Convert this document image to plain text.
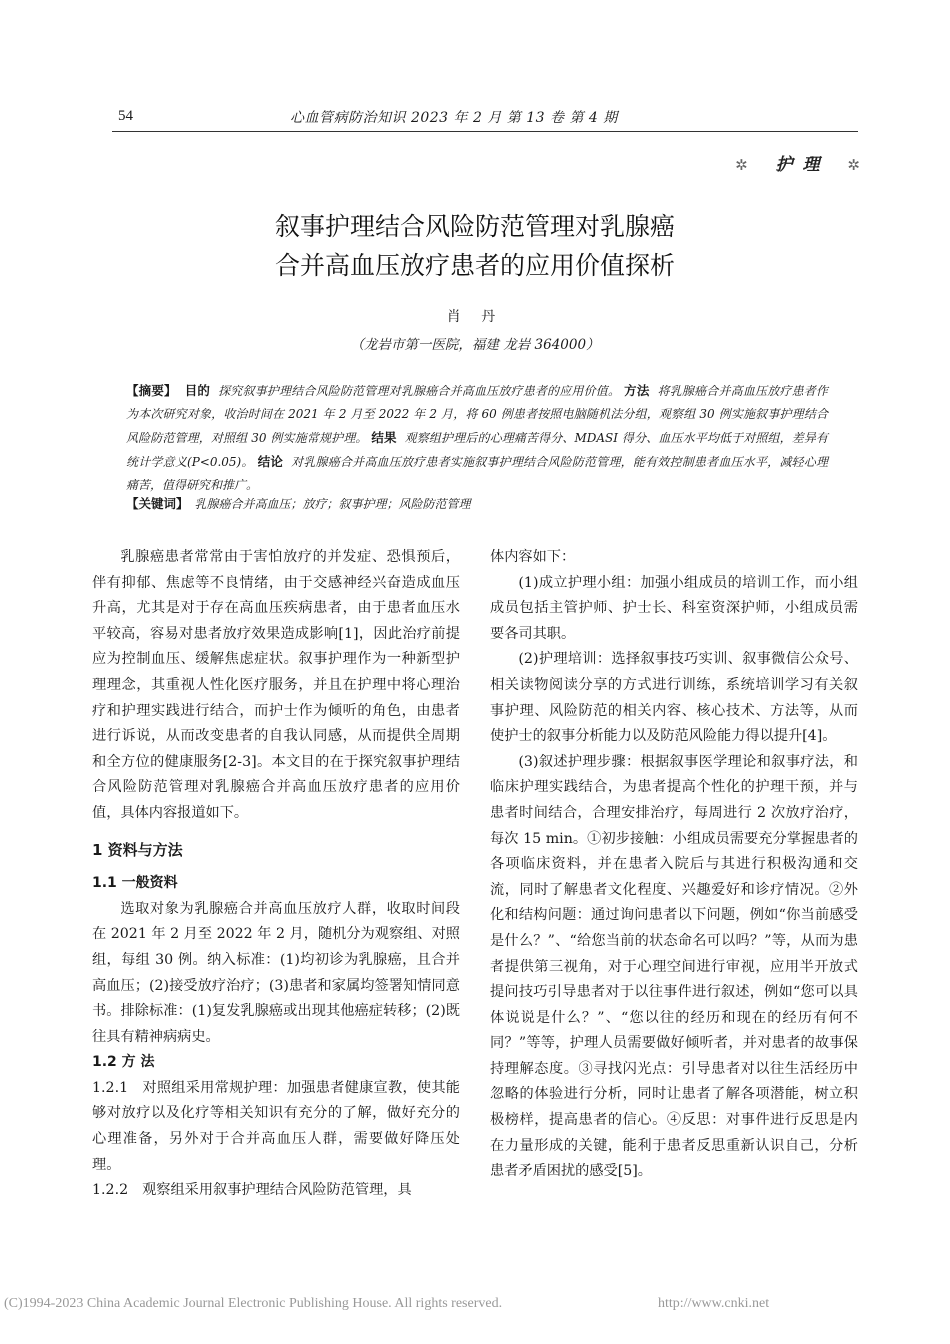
54	心血管病防治知识 2023 年 2 月 第 13 卷 第 4 期
✲ 护 理 ✲
叙事护理结合风险防范管理对乳腺癌
合并高血压放疗患者的应用价值探析
肖 丹
（龙岩市第一医院，福建 龙岩 364000）
【摘要】 目的 探究叙事护理结合风险防范管理对乳腺癌合并高血压放疗患者的应用价值。 方法 将乳腺癌合并高血压放疗患者作为本次研究对象，收治时间在 2021 年 2 月至 2022 年 2 月，将 60 例患者按照电脑随机法分组，观察组 30 例实施叙事护理结合风险防范管理，对照组 30 例实施常规护理。 结果 观察组护理后的心理痛苦得分、MDASI 得分、血压水平均低于对照组，差异有统计学意义(P<0.05)。 结论 对乳腺癌合并高血压放疗患者实施叙事护理结合风险防范管理，能有效控制患者血压水平，减轻心理痛苦，值得研究和推广。
【关键词】 乳腺癌合并高血压；放疗；叙事护理；风险防范管理

乳腺癌患者常常由于害怕放疗的并发症、恐惧预后，伴有抑郁、焦虑等不良情绪，由于交感神经兴奋造成血压升高，尤其是对于存在高血压疾病患者，由于患者血压水平较高，容易对患者放疗效果造成影响[1]，因此治疗前提应为控制血压、缓解焦虑症状。叙事护理作为一种新型护理理念，其重视人性化医疗服务，并且在护理中将心理治疗和护理实践进行结合，而护士作为倾听的角色，由患者进行诉说，从而改变患者的自我认同感，从而提供全周期和全方位的健康服务[2-3]。本文目的在于探究叙事护理结合风险防范管理对乳腺癌合并高血压放疗患者的应用价值，具体内容报道如下。

1 资料与方法
1.1 一般资料

选取对象为乳腺癌合并高血压放疗人群，收取时间段在 2021 年 2 月至 2022 年 2 月，随机分为观察组、对照组，每组 30 例。纳入标准：(1)均初诊为乳腺癌，且合并高血压；(2)接受放疗治疗；(3)患者和家属均签署知情同意书。排除标准：(1)复发乳腺癌或出现其他癌症转移；(2)既往具有精神病病史。

1.2 方 法

1.2.1 对照组采用常规护理：加强患者健康宣教，使其能够对放疗以及化疗等相关知识有充分的了解，做好充分的心理准备，另外对于合并高血压人群，需要做好降压处理。

1.2.2 观察组采用叙事护理结合风险防范管理，具

体内容如下：

(1)成立护理小组：加强小组成员的培训工作，而小组成员包括主管护师、护士长、科室资深护师，小组成员需要各司其职。

(2)护理培训：选择叙事技巧实训、叙事微信公众号、相关读物阅读分享的方式进行训练，系统培训学习有关叙事护理、风险防范的相关内容、核心技术、方法等，从而使护士的叙事分析能力以及防范风险能力得以提升[4]。

(3)叙述护理步骤：根据叙事医学理论和叙事疗法，和临床护理实践结合，为患者提高个性化的护理干预，并与患者时间结合，合理安排治疗，每周进行 2 次放疗治疗，每次 15 min。①初步接触：小组成员需要充分掌握患者的各项临床资料，并在患者入院后与其进行积极沟通和交流，同时了解患者文化程度、兴趣爱好和诊疗情况。②外化和结构问题：通过询问患者以下问题，例如“你当前感受是什么？”、“给您当前的状态命名可以吗？”等，从而为患者提供第三视角，对于心理空间进行审视，应用半开放式提问技巧引导患者对于以往事件进行叙述，例如“您可以具体说说是什么？”、“您以往的经历和现在的经历有何不同？”等等，护理人员需要做好倾听者，并对患者的故事保持理解态度。③寻找闪光点：引导患者对以往生活经历中忽略的体验进行分析，同时让患者了解各项潜能，树立积极榜样，提高患者的信心。④反思：对事件进行反思是内在力量形成的关键，能利于患者反思重新认识自己，分析患者矛盾困扰的感受[5]。

(C)1994-2023 China Academic Journal Electronic Publishing House. All rights reserved.	http://www.cnki.net
